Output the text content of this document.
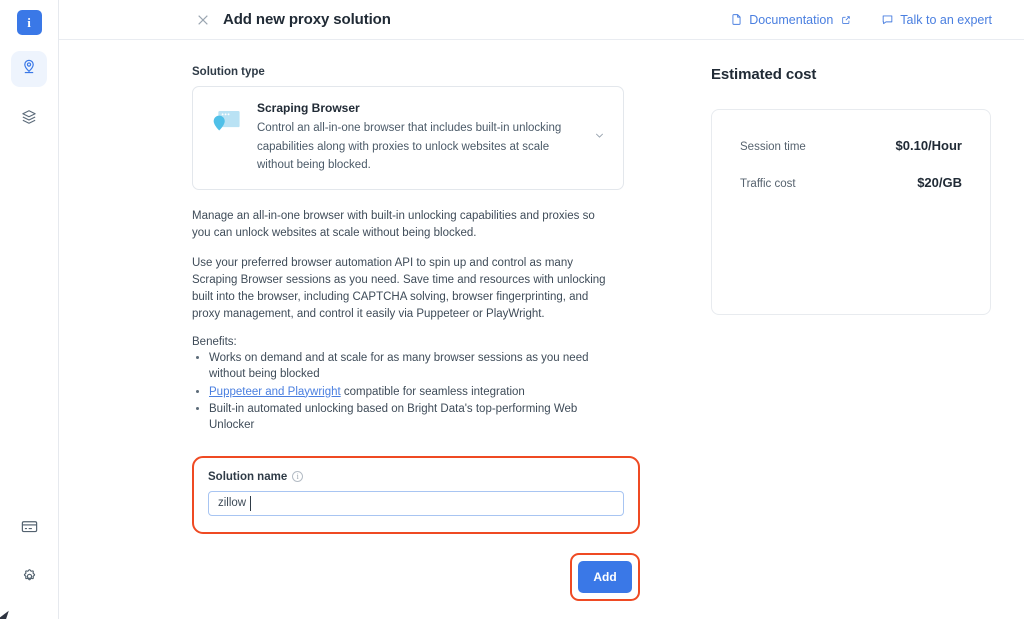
i	Add new proxy solution	Documentation	Talk to an expert
Solution type
Scraping Browser
Control an all-in-one browser that includes built-in unlocking capabilities along with proxies to unlock websites at scale without being blocked.

Manage an all-in-one browser with built-in unlocking capabilities and proxies so you can unlock websites at scale without being blocked.

Use your preferred browser automation API to spin up and control as many Scraping Browser sessions as you need. Save time and resources with unlocking built into the browser, including CAPTCHA solving, browser fingerprinting, and proxy management, and control it easily via Puppeteer or PlayWright.

Benefits:
• Works on demand and at scale for as many browser sessions as you need without being blocked
• Puppeteer and Playwright compatible for seamless integration
• Built-in automated unlocking based on Bright Data's top-performing Web Unlocker
Solution name	i
zillow
Add
Estimated cost
Session time	$0.10/Hour
Traffic cost	$20/GB
